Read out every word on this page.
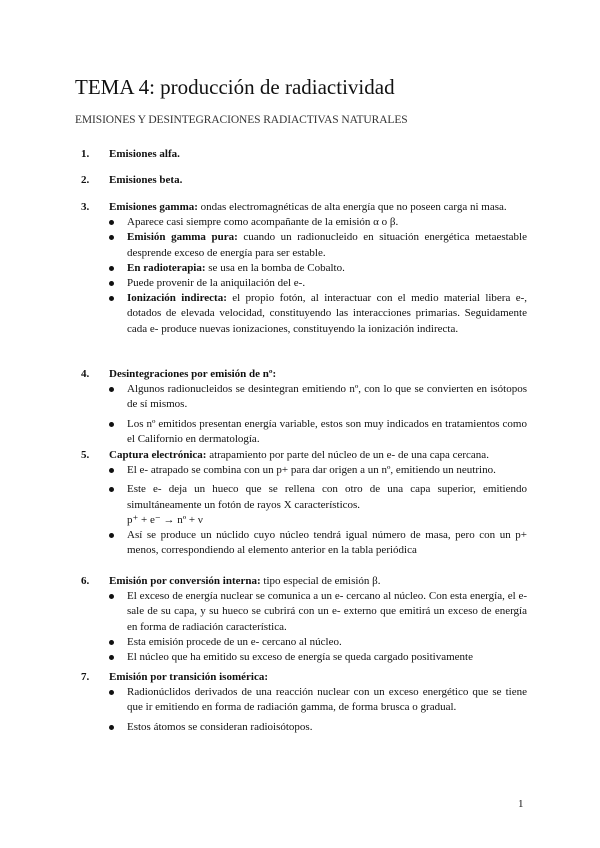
TEMA 4: producción de radiactividad
EMISIONES Y DESINTEGRACIONES RADIACTIVAS NATURALES
1.	Emisiones alfa.
2.	Emisiones beta.
3.	Emisiones gamma: ondas electromagnéticas de alta energía que no poseen carga ni masa.
Aparece casi siempre como acompañante de la emisión α o β.
Emisión gamma pura: cuando un radionucleido en situación energética metaestable desprende exceso de energía para ser estable.
En radioterapia: se usa en la bomba de Cobalto.
Puede provenir de la aniquilación del e-.
Ionización indirecta: el propio fotón, al interactuar con el medio material libera e-, dotados de elevada velocidad, constituyendo las interacciones primarias. Seguidamente cada e- produce nuevas ionizaciones, constituyendo la ionización indirecta.
4.	Desintegraciones por emisión de nº:
Algunos radionucleidos se desintegran emitiendo nº, con lo que se convierten en isótopos de sí mismos.
Los nº emitidos presentan energía variable, estos son muy indicados en tratamientos como el Californio en dermatología.
5.	Captura electrónica: atrapamiento por parte del núcleo de un e- de una capa cercana.
El e- atrapado se combina con un p+ para dar origen a un nº, emitiendo un neutrino.
Este e- deja un hueco que se rellena con otro de una capa superior, emitiendo simultáneamente un fotón de rayos X característicos.
p⁺ + e⁻ → nº + ν
Así se produce un núclido cuyo núcleo tendrá igual número de masa, pero con un p+ menos, correspondiendo al elemento anterior en la tabla periódica
6.	Emisión por conversión interna: tipo especial de emisión β.
El exceso de energía nuclear se comunica a un e- cercano al núcleo. Con esta energía, el e- sale de su capa, y su hueco se cubrirá con un e- externo que emitirá un exceso de energía en forma de radiación característica.
Esta emisión procede de un e- cercano al núcleo.
El núcleo que ha emitido su exceso de energía se queda cargado positivamente
7.	Emisión por transición isomérica:
Radionúclidos derivados de una reacción nuclear con un exceso energético que se tiene que ir emitiendo en forma de radiación gamma, de forma brusca o gradual.
Estos átomos se consideran radioisótopos.
1
